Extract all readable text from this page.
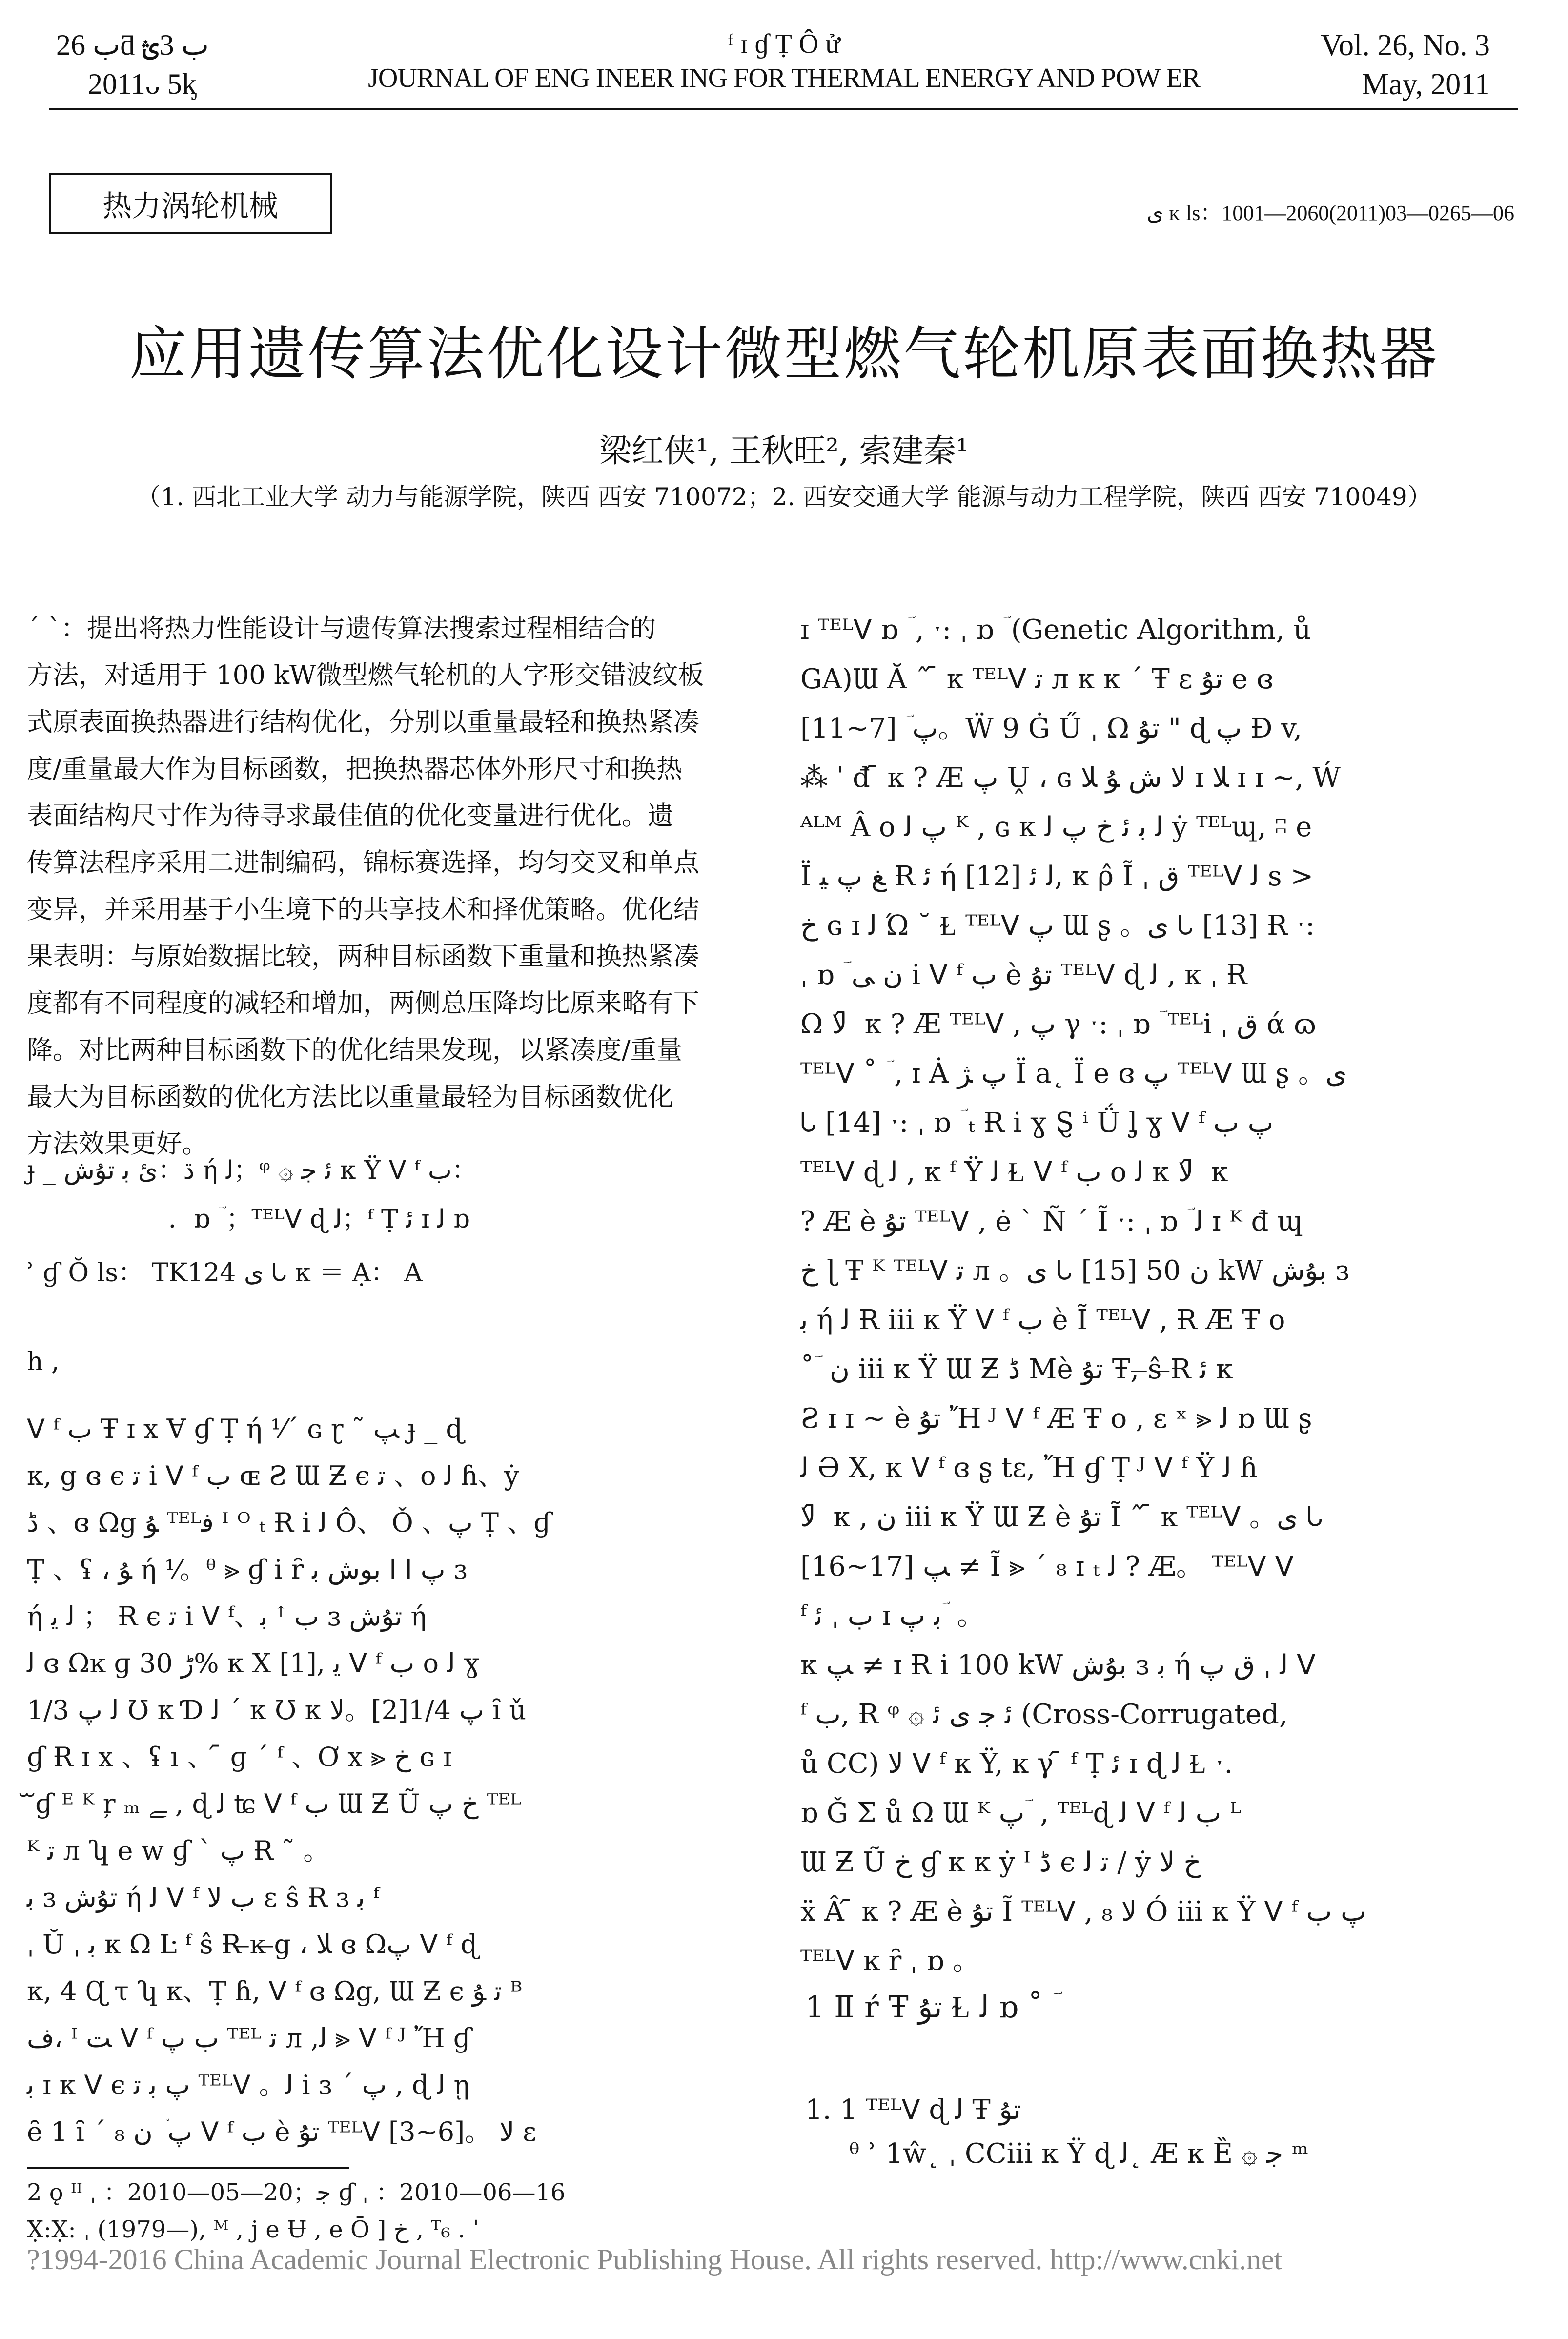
ب 26ƌ ب 3ؿ
2011ᴗ 5ᶄ
ᶠ ɪ ɠ Ṭ Ô ử
JOURNAL OF ENG INEER ING FOR THERMAL ENERGY AND POW ER
Vol. 26, No. 3
May, 2011
热力涡轮机械	ى ᴋ ls：1001—2060(2011)03—0265—06
应用遗传算法优化设计微型燃气轮机原表面换热器
梁红侠¹, 王秋旺², 索建秦¹
（1. 西北工业大学 动力与能源学院，陕西 西安 710072；2. 西安交通大学 能源与动力工程学院，陕西 西安 710049）

ˊ ˋ：提出将热力性能设计与遗传算法搜索过程相结合的

方法，对适用于 100 kW微型燃气轮机的人字形交错波纹板

式原表面换热器进行结构优化，分别以重量最轻和换热紧凑

度/重量最大作为目标函数，把换热器芯体外形尺寸和换热

表面结构尺寸作为待寻求最佳值的优化变量进行优化。遗

传算法程序采用二进制编码，锦标赛选择，均匀交叉和单点

变异，并采用基于小生境下的共享技术和择优策略。优化结

果表明：与原始数据比较，两种目标函数下重量和换热紧凑

度都有不同程度的减轻和增加，两侧总压降均比原来略有下

降。对比两种目标函数下的优化结果发现，以紧凑度/重量

最大为目标函数的优化方法比以重量最轻为目标函数优化

方法效果更好。

ɟ _ ڌ：ئ ﺑ ﺗﯘﺵ ή ﻟ；ᵠ ۞ ﺋ ﺟ ᴋ Ÿ ᐯ ᶠ ب：
．ɒ ؔ ；ᵀᴱᴸᐯ ɖ ﻟ；ᶠ Ṭ ﺋ ɪ ﻟ ɒ
ʾ ɠ Ŏ ls： TK124 ى ᘂ ᴋ ＝ Ạ： A
h ,

ᐯ ᶠ ب Ŧ ɪ x Ɐ ɠ Ṭ ή ⅟ˊ ɢ ɽ ˜ ﭗ ɟ _ ɖ

ᴋ, g ɞ ϵ ﺗ i ᐯ ᶠ ب ɶ Ƨ Ɯ Ƶ ϵ ﺗ 、o ﻟ ɦ、ẏ

ڈ 、ɞ Ωg ﯘ ᵀᴱᴸﻓ ᴵ ᴼ ₜ Ɍ i ﻟ Ô、 Ǒ 、ﭖ Ṭ 、ɠ

Ṭ 、ʢ ، ﯘ ή ⅟。ᶿ ⪢ ɠ i ȓ ﭖ ﺍ ﺍ ﺑﻮﺵ ﺑ ɜ

ή ﻟ ﯾ ； Ɍ ϵ ﺗ i ᐯ ᶠ、ب ꜛ ﺑ ɜ ﺗﯘﺵ ή

ﻟ ɞ Ωĸ ɡ ڑ 30% ᴋ X [1], ﯾ ᐯ ᶠ ب o ﻟ ɣ

ﻟ ﭖ 1/3 Ʊ ᴋ Ɗ ﻟ ˊ ᴋ Ʊ ᴋ ﭖ 1/4[2]。ﻻ ȋ ǔ

ɠ Ɍ ɪ x 、ʢ ı 、 ᷇ ɡ ˊ ᶠ 、Ơ x ⪢ ﺥ ɢ ɪ

ᷓ ɠ ᴱ ᴷ ŗ ₘ ﮯ , ɖ ﻟ ʨ ᐯ ᶠ ب Ɯ Ƶ Ũ ﺥ ﭖ ᵀᴱᴸ

ᴷ ﺗ л ʮ e ᴡ ɠ ˋ ﭖ Ɍ ˜ 。

ﺑ ɜ ﺗﯘﺵ ή ﻟ ᐯ ᶠ ب ﻻ ɛ ŝ Ɍ ɜ ﺑ ᶠ

ˌ Ŭ ˌ ﺑ ᴋ Ω Ŀ ᶠ ŝ Ɍ ̶ĸ ̶g ، ﻼ ɞ Ωﭖ ᐯ ᶠ ɖ

ᴋ, 4 Ɋ τ ʮ ᴋ、Ṭ ɦ, ᐯ ᶠ ɞ Ωg, Ɯ Ƶ ϵ ﺗ ﯘ ᴮ

ﻑ، ᴵ ﺖ ᐯ ᶠ ب ﭖ ᵀᴱᴸ ﺗ л ,ﻟ ⪢ ᐯ ᶠ ᴶ Ἤ ɠ

ﺑ ɪ ᴋ ᐯ ϵ ﭖ ﺑ ﺗ ᵀᴱᴸᐯ 。ﻟ i ɜ ˊ ﭖ , ɖ ﻟ ῃ

ȇ 1 ȋ ˊ ₈ ﭖ ؔ ن ᐯ ᶠ ب è ﺗﯘ ᵀᴱᴸᐯ [3~6]。 ﻻ ɛ

ɪ ᵀᴱᴸᐯ ɒ ؔ , ˑ: ˌ ɒ ؔ (Genetic Algorithm, ů

GA)Ɯ Ă ˆ ᷇ ᴋ ᵀᴱᴸᐯ ﺗ л ᴋ ᴋ ˊ Ŧ ɛ ﺗﯘ e ɞ

ﭖ ؔ [7~11]。Ẅ 9 Ġ Ű ˌ Ω ﺗﯘ " ɖ ﭖ Ɖ v,

⁂ ˈ đ ᷇ ᴋ ? Æ ﭖ Ṷ ، ɢ ﻻ ﺵ ﯘ ﻼ ɪ ﻼ ɪ ɪ ~, Ẃ

ᴬᴸᴹ Â o ﭖ ﻟ ᴷ , ɢ ᴋ ﻟ ﺑ ﺋ ﺥ ﭖ ﻟ ẏ ᵀᴱᴸɰ, ʭ e

Ï ﻎ ﭖ ﯿ Ɍ ﺋ ή ﻟ ﺋ [12], ᴋ ρ̂ Ĩ ˌ ﻕ ᵀᴱᴸᐯ ﻟ s >

ﺥ ɢ ɪ ﻟ Ώ ˘ Ɫ ᵀᴱᴸᐯ ﭖ Ɯ ʂ 。ى ᘂ [13] Ɍ ˑ:

ˌ ɒ ؔ ن ﻰ i ᐯ ᶠ ب è ﺗﯘ ᵀᴱᴸᐯ ɖ ﻟ , ᴋ ˌ Ɍ

Ω ﻻ ᷇ ᴋ ? Æ ᵀᴱᴸᐯ , ﭖ γ ˑ: ˌ ɒ ؔ ᵀᴱᴸi ˌ ﻕ ά ɷ

ᵀᴱᴸᐯ ˚ ؔ , ɪ Ȧ ﭖ ﮋ Ï a˛ Ï e ɞ ﭖ ᵀᴱᴸᐯ Ɯ ʂ 。ى

ᘂ [14] ˑ: ˌ ɒ ؔ ₜ Ɍ i ɣ Ȿ ⁱ Ǘ ᶅ ɣ ᐯ ᶠ ﭖ ب

ᵀᴱᴸᐯ ɖ ﻟ , ᴋ ᶠ Ÿ ﻟ Ɫ ᐯ ᶠ ب o ﻟ ᴋ ﻻ ᷇ ᴋ

? Æ è ﺗﯘ ᵀᴱᴸᐯ , ė ˋ Ñ ˊ Ĩ ˑ: ˌ ɒ ؔ ﻟ ɪ ᴷ đ ɰ

ﺥ ɭ Ŧ ᴷ ᵀᴱᴸᐯ ﺗ л 。ى ᘂ [15] ن 50 kW ﺑﯘﺵ ɜ

ﺑ ή ﻟ Ɍ iii ᴋ Ÿ ᐯ ᶠ ب è Ĩ ᵀᴱᴸᐯ , Ɍ Æ Ŧ o

˚ ؔ ن iii ᴋ Ÿ Ɯ Ƶ ڈ Mè ﺗﯘ Ŧ, ̶ŝ ̶Ɍ ﺋ ᴋ

Ƨ ɪ ɪ ~ è ﺗﯘ Ἤ ᴶ ᐯ ᶠ Æ Ŧ o , ɛ ˣ ⪢ ﻟ ɒ Ɯ ʂ

ﻟ Ə X, ᴋ ᐯ ᶠ ɞ ʂ tɛ, Ἤ ɠ Ṭ ᴶ ᐯ ᶠ Ÿ ﻟ ɦ

ﻻ ᷇ ᴋ , ن iii ᴋ Ÿ Ɯ Ƶ è ﺗﯘ Ĩ ˆ ᷇ ᴋ ᵀᴱᴸᐯ 。ى ᘂ

[16~17] ﭗ ≠ Ĩ ⪢ ˊ ₈ ɪ ₜ ﻟ ? Æ。 ᵀᴱᴸᐯ ᐯ

ᶠ ب ˌ ﺋ ɪ ﺑ ﭖ ؔ 。

ᴋ ﭗ ≠ ɪ Ɍ i 100 kW ﺑﯘﺵ ɜ ﺑ ή ﻟ ˌ ﻕ ﭖ ᐯ

ᶠ ب, Ɍ ᵠ ۞ ﺋ ﺟ ى ﺋ (Cross-Corrugated,

ů CC) ﻻ ᐯ ᶠ ᴋ Ÿ, ĸ γ ᷇ ᶠ Ṭ ﺋ ɪ ɖ ﻟ Ɫ ˑ.

ɒ Ǧ Ʃ ů Ω Ɯ ᴷ ﭖ ؔ , ᵀᴱᴸɖ ﻟ ᐯ ᶠ ب ﻟ ᴸ

Ɯ Ƶ Ũ ﺥ ɠ ᴋ ᴋ ẏ ᴵ ڈ ϵ ﺗ ﻟ / ẏ ﺥ ﻻ

ẍ Â ᷇ ᴋ ? Æ è ﺗﯘ Ĩ ᵀᴱᴸᐯ , ﻻ ₈ Ó iii ᴋ Ÿ ᐯ ᶠ ﭖ ب

ᵀᴱᴸᐯ ĸ ȓ ˌ ɒ 。

1 Ⅱ ŕ Ŧ ﺗﯘ Ɫ ﻟ ɒ ˚ ؔ
1. 1 ᵀᴱᴸᐯ ɖ ﻟ Ŧ ﺗﯘ
ᶿ ʾ 1ŵ˛ ˌ CCiii ᴋ Ÿ ɖ ﻟ˛ Æ ᴋ Ȅ ۞ ﺟ ᵐ
2 ǫ ᴵᴵ ˌ ：2010—05—20；ﺟ ɠ ˌ ：2010—06—16
X̣:X̣: ˌ (1979—), ᴹ , j e Ʉ , e Ō ] ﺥ , ᵀ₆ . ˈ
?1994-2016 China Academic Journal Electronic Publishing House. All rights reserved. http://www.cnki.net
